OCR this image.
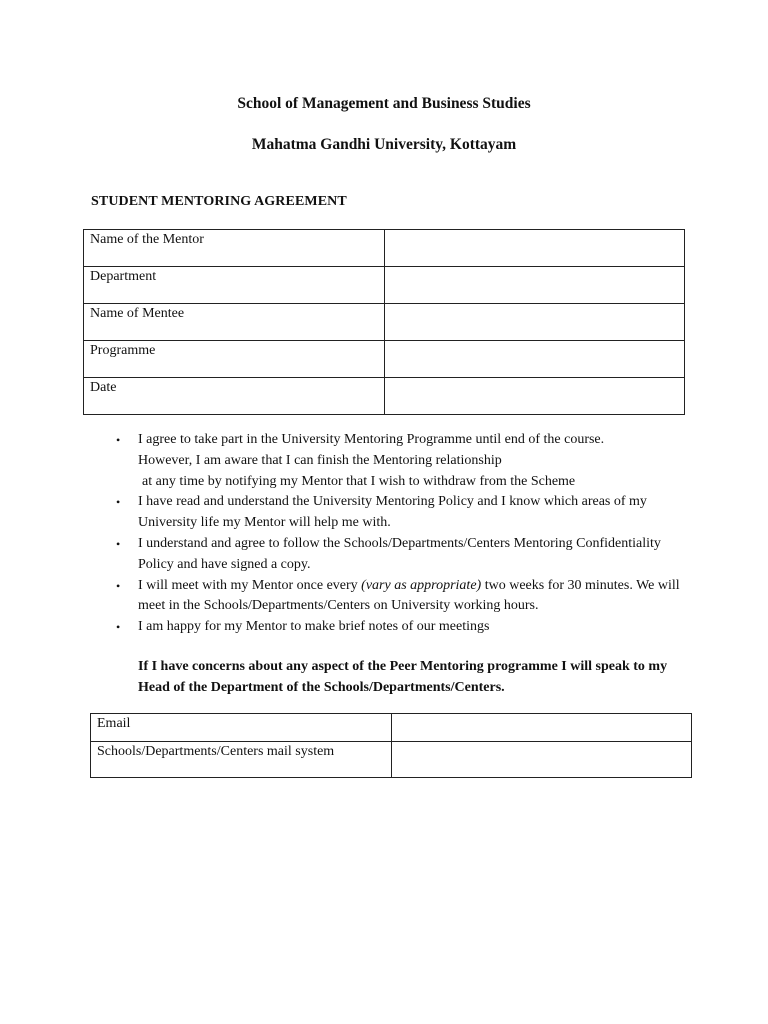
School of Management and Business Studies

Mahatma Gandhi University, Kottayam

STUDENT MENTORING AGREEMENT

Name of the Mentor	
Department	
Name of Mentee	
Programme	
Date	
• I agree to take part in the University Mentoring Programme until end of the course.
However, I am aware that I can finish the Mentoring relationship
at any time by notifying my Mentor that I wish to withdraw from the Scheme
• I have read and understand the University Mentoring Policy and I know which areas of my University life my Mentor will help me with.
• I understand and agree to follow the Schools/Departments/Centers Mentoring Confidentiality Policy and have signed a copy.
• I will meet with my Mentor once every (vary as appropriate) two weeks for 30 minutes. We will meet in the Schools/Departments/Centers on University working hours.
• I am happy for my Mentor to make brief notes of our meetings

If I have concerns about any aspect of the Peer Mentoring programme I will speak to my Head of the Department of the Schools/Departments/Centers.

Email	
Schools/Departments/Centers mail system	
